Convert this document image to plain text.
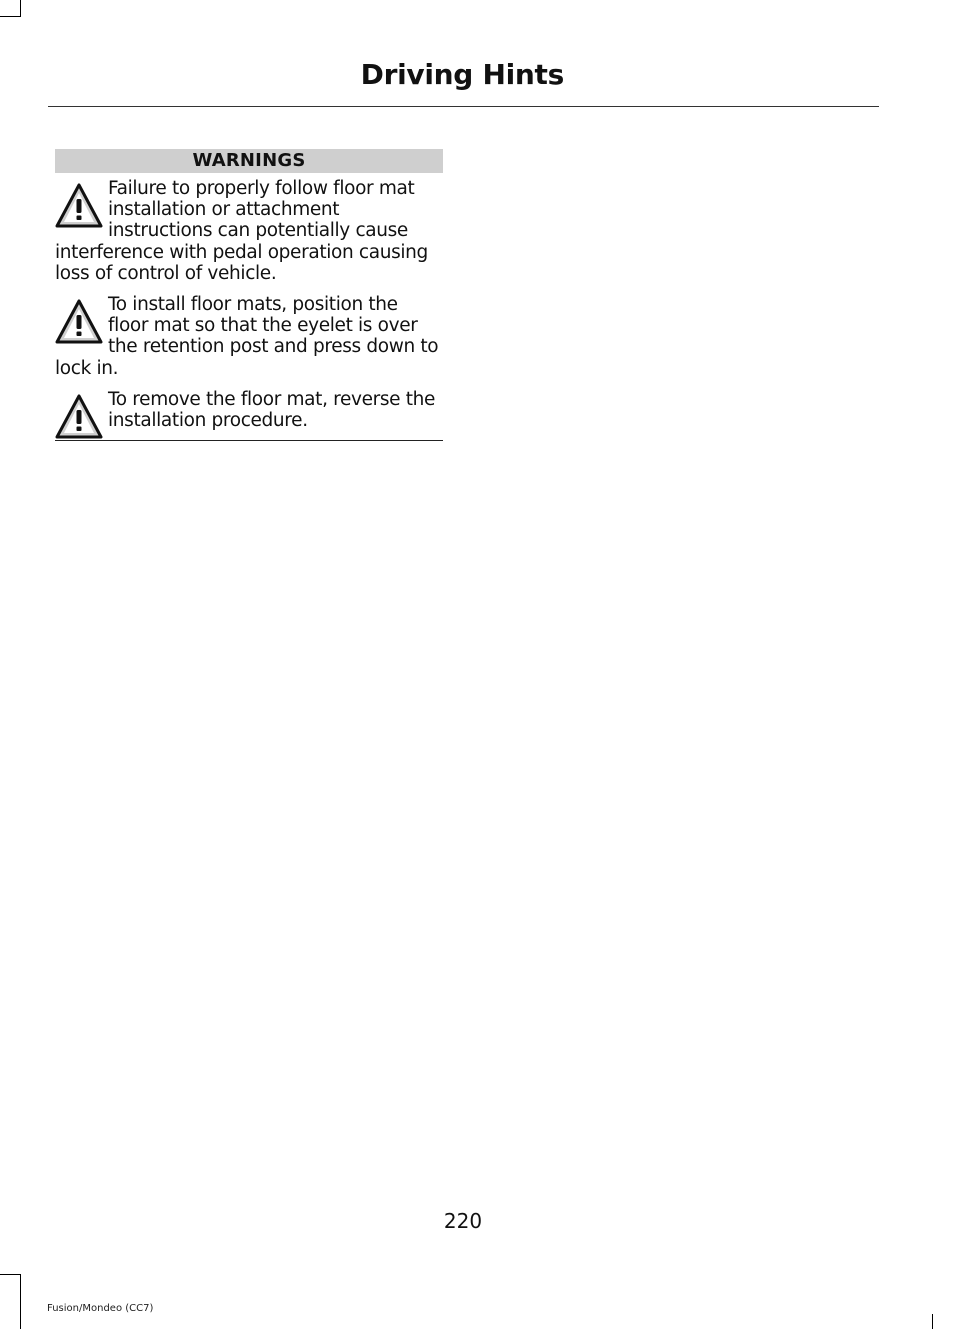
Driving Hints
WARNINGS
Failure to properly follow floor mat installation or attachment instructions can potentially cause interference with pedal operation causing loss of control of vehicle.
To install floor mats, position the floor mat so that the eyelet is over the retention post and press down to lock in.
To remove the floor mat, reverse the installation procedure.
220
Fusion/Mondeo (CC7)
